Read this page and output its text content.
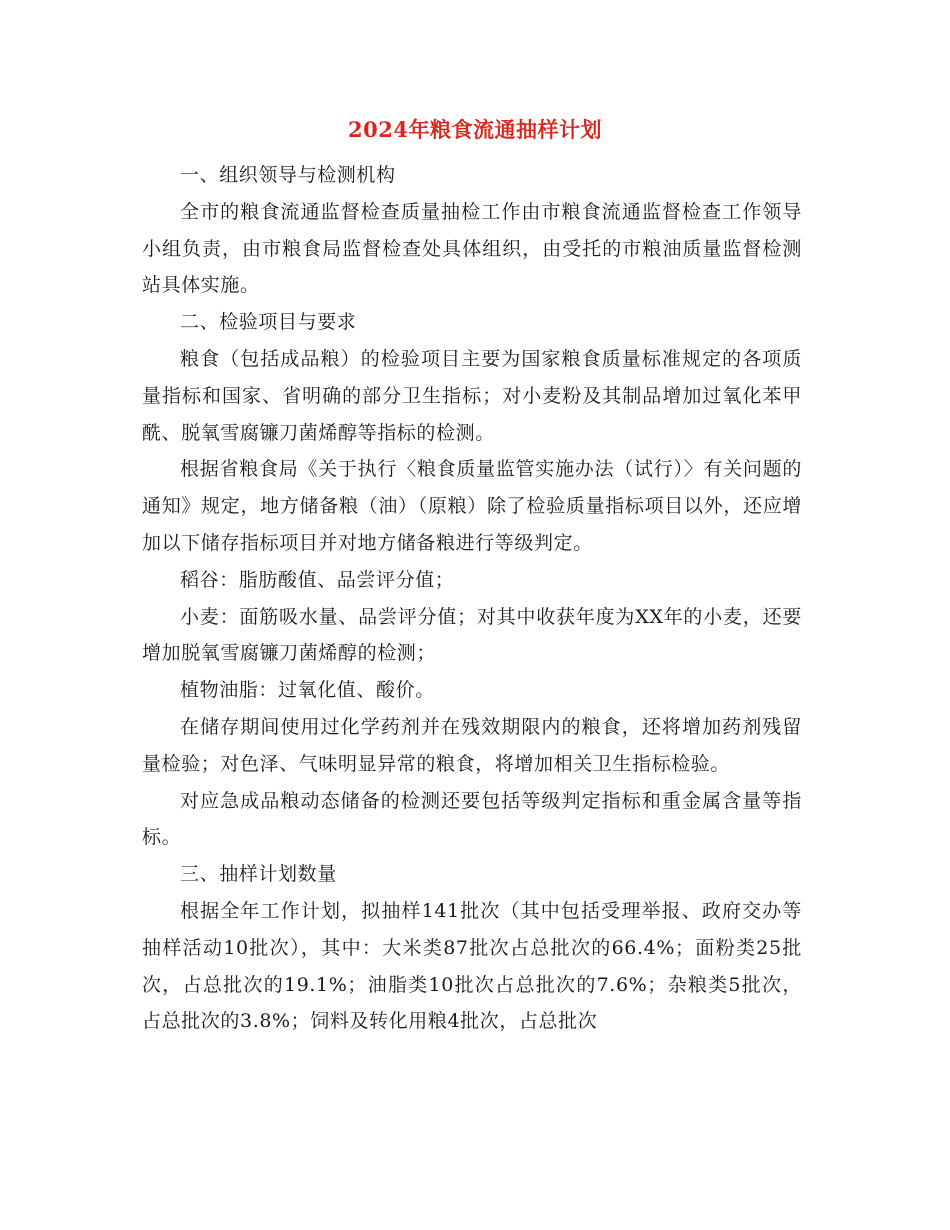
2024年粮食流通抽样计划

一、组织领导与检测机构

全市的粮食流通监督检查质量抽检工作由市粮食流通监督检查工作领导小组负责，由市粮食局监督检查处具体组织，由受托的市粮油质量监督检测站具体实施。

二、检验项目与要求

粮食（包括成品粮）的检验项目主要为国家粮食质量标准规定的各项质量指标和国家、省明确的部分卫生指标；对小麦粉及其制品增加过氧化苯甲酰、脱氧雪腐镰刀菌烯醇等指标的检测。

根据省粮食局《关于执行〈粮食质量监管实施办法（试行）〉有关问题的通知》规定，地方储备粮（油）（原粮）除了检验质量指标项目以外，还应增加以下储存指标项目并对地方储备粮进行等级判定。

稻谷：脂肪酸值、品尝评分值；

小麦：面筋吸水量、品尝评分值；对其中收获年度为XX年的小麦，还要增加脱氧雪腐镰刀菌烯醇的检测；

植物油脂：过氧化值、酸价。

在储存期间使用过化学药剂并在残效期限内的粮食，还将增加药剂残留量检验；对色泽、气味明显异常的粮食，将增加相关卫生指标检验。

对应急成品粮动态储备的检测还要包括等级判定指标和重金属含量等指标。

三、抽样计划数量

根据全年工作计划，拟抽样141批次（其中包括受理举报、政府交办等抽样活动10批次），其中：大米类87批次占总批次的66.4%；面粉类25批次，占总批次的19.1%；油脂类10批次占总批次的7.6%；杂粮类5批次，占总批次的3.8%；饲料及转化用粮4批次，占总批次
